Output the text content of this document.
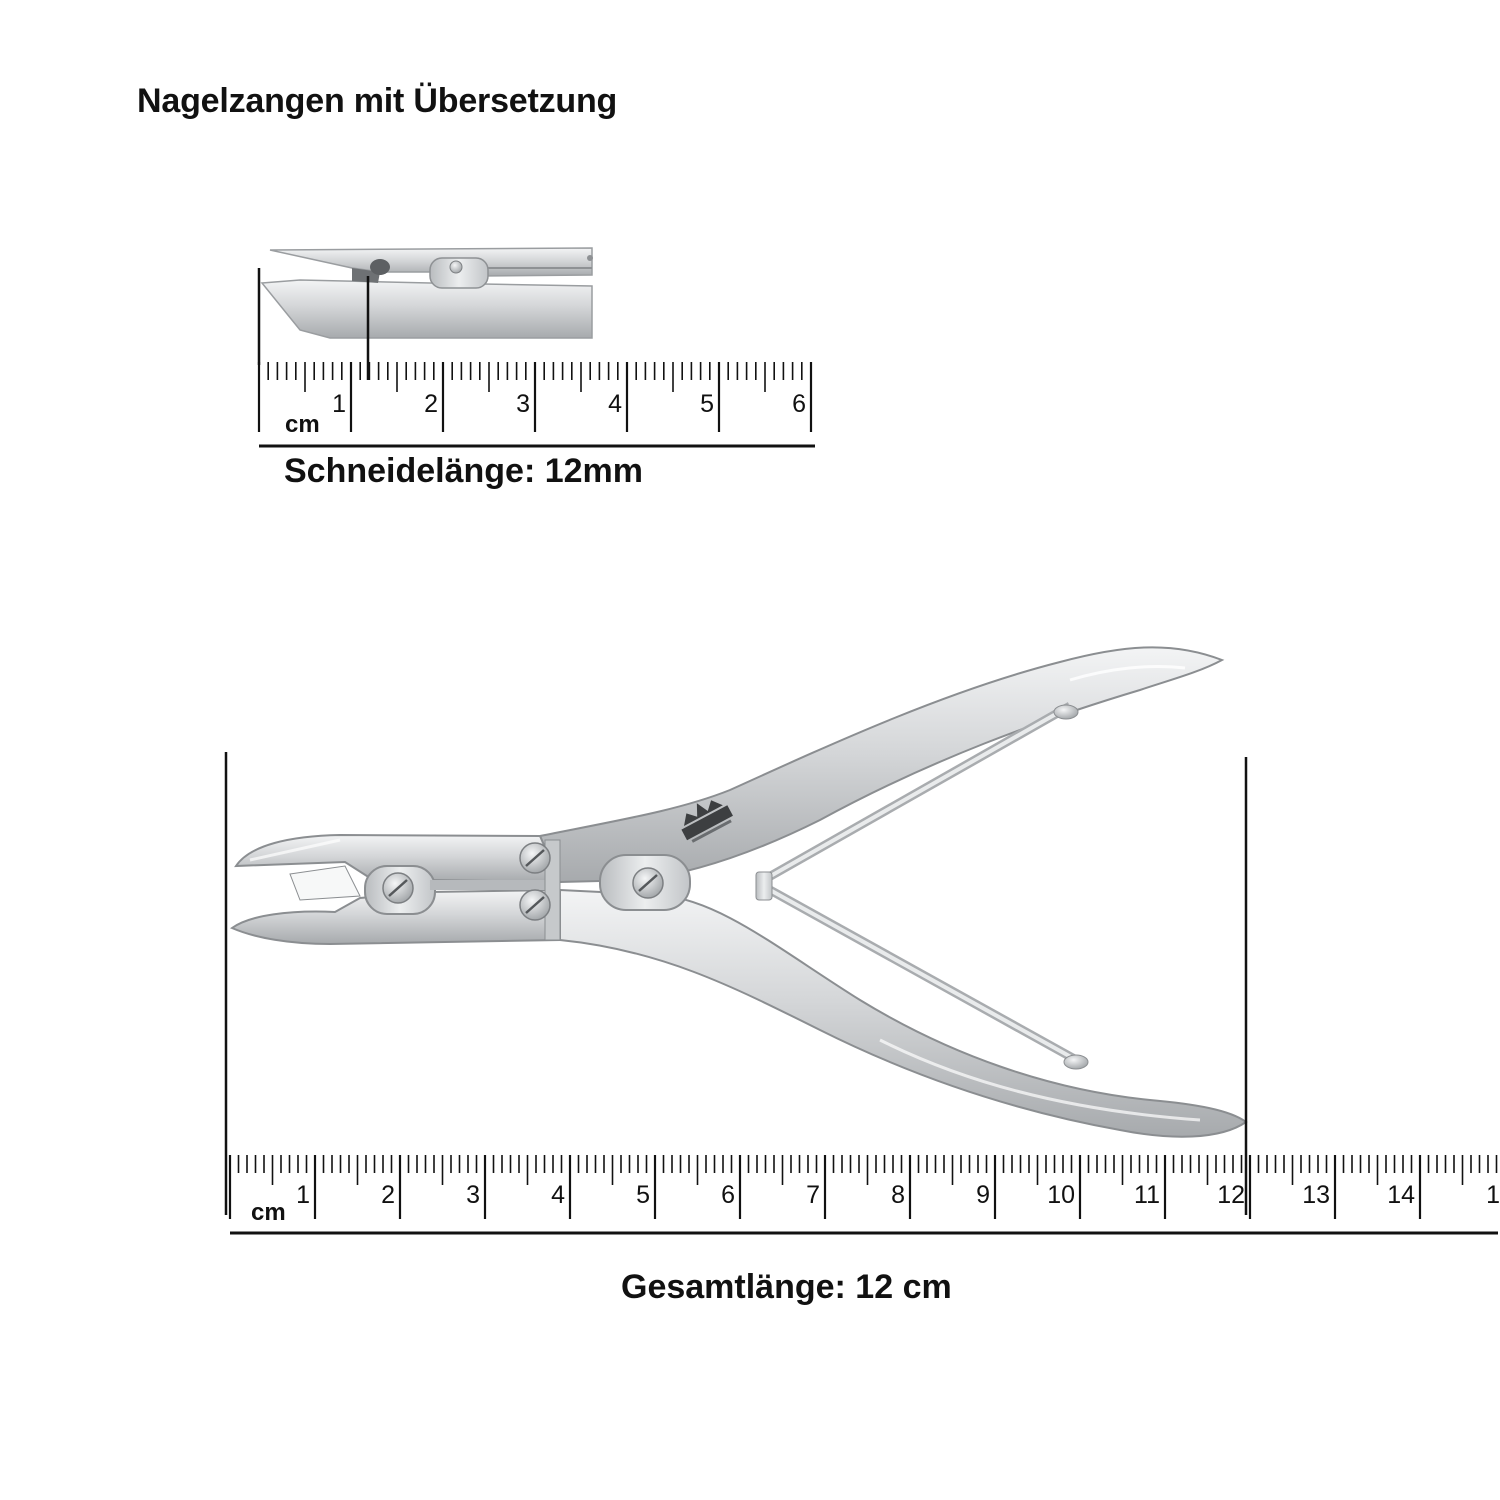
Nagelzangen mit Übersetzung
cm
1	2	3	4	5	6
cm
1	2	3	4	5	6	7	8	9 10 11 12 13 14	1
Schneidelänge: 12mm
Gesamtlänge: 12 cm
